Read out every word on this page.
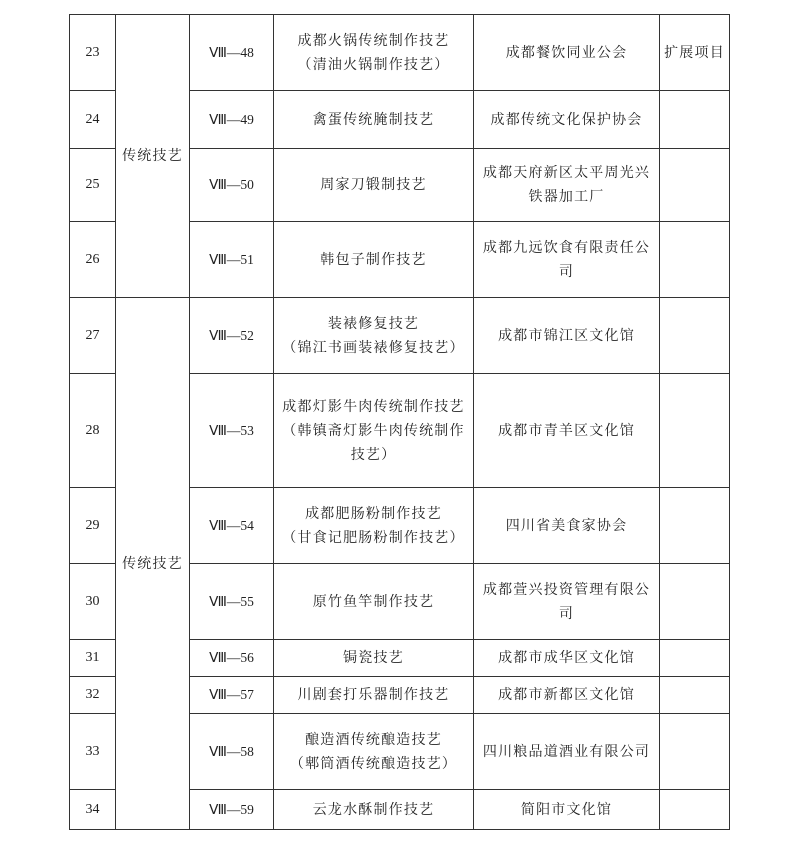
23	传统技艺	Ⅷ—48	成都火锅传统制作技艺
（清油火锅制作技艺）	成都餐饮同业公会	扩展项目
24		Ⅷ—49	禽蛋传统腌制技艺	成都传统文化保护协会	

25		Ⅷ—50	周家刀锻制技艺	成都天府新区太平周光兴
铁器加工厂	

26		Ⅷ—51	韩包子制作技艺	成都九远饮食有限责任公
司	

27	传统技艺	Ⅷ—52	装裱修复技艺
（锦江书画装裱修复技艺）	成都市锦江区文化馆	

28		Ⅷ—53	成都灯影牛肉传统制作技艺
（韩镇斋灯影牛肉传统制作
技艺）	成都市青羊区文化馆	

29		Ⅷ—54	成都肥肠粉制作技艺
（甘食记肥肠粉制作技艺）	四川省美食家协会	

30		Ⅷ—55	原竹鱼竿制作技艺	成都萱兴投资管理有限公
司	

31		Ⅷ—56	锔瓷技艺	成都市成华区文化馆	

32		Ⅷ—57	川剧套打乐器制作技艺	成都市新都区文化馆	

33		Ⅷ—58	酿造酒传统酿造技艺
（郫筒酒传统酿造技艺）	四川粮品道酒业有限公司	

34		Ⅷ—59	云龙水酥制作技艺	简阳市文化馆	
